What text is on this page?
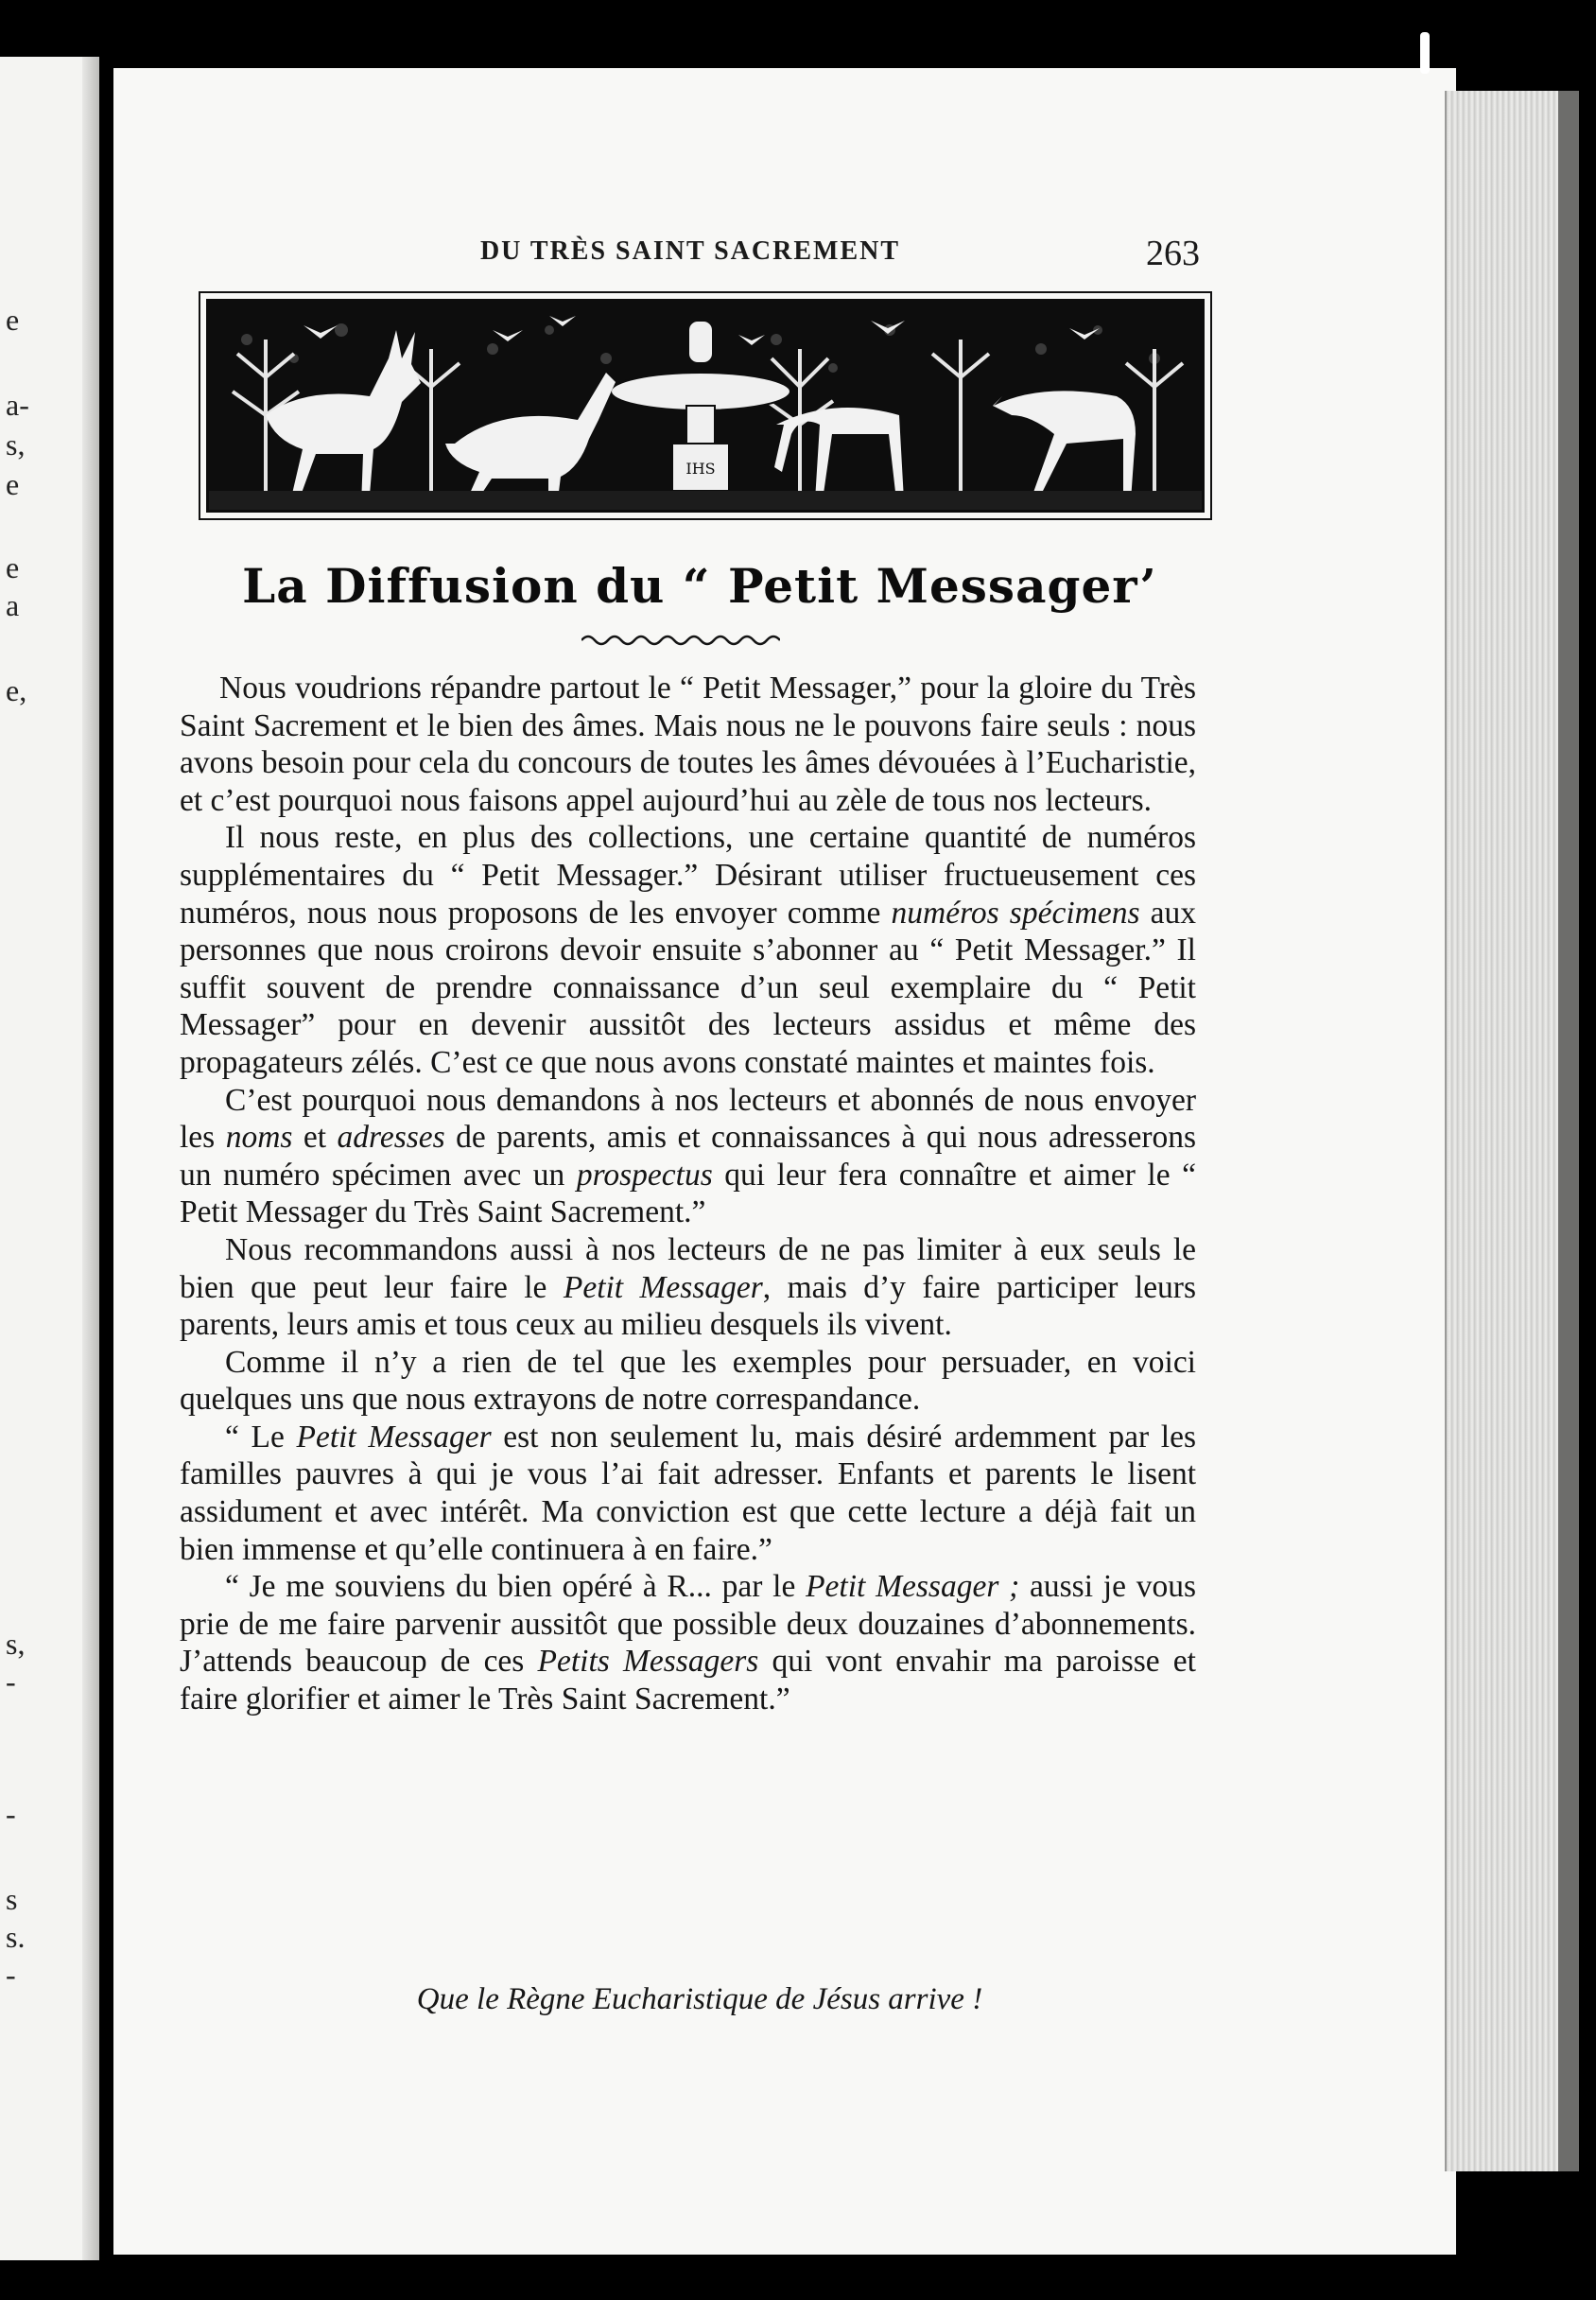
e
a-
s,
e
e
a
e,
s,
-
-
s
s.
-
DU TRÈS SAINT SACREMENT	263
IHS
La Diffusion du “ Petit Messager’

Nous voudrions répandre partout le “ Petit Messager,” pour la gloire du Très Saint Sacrement et le bien des âmes. Mais nous ne le pouvons faire seuls : nous avons besoin pour cela du concours de toutes les âmes dévouées à l’Eucharistie, et c’est pourquoi nous faisons appel aujourd’hui au zèle de tous nos lecteurs.

Il nous reste, en plus des collections, une certaine quantité de numéros supplémentaires du “ Petit Messager.” Désirant utiliser fructueusement ces numéros, nous nous proposons de les envoyer comme numéros spécimens aux personnes que nous croirons devoir ensuite s’abonner au “ Petit Messager.” Il suffit souvent de prendre connaissance d’un seul exemplaire du “ Petit Messager” pour en devenir aussitôt des lecteurs assidus et même des propagateurs zélés. C’est ce que nous avons constaté maintes et maintes fois.

C’est pourquoi nous demandons à nos lecteurs et abonnés de nous envoyer les noms et adresses de parents, amis et connaissances à qui nous adresserons un numéro spécimen avec un prospectus qui leur fera connaître et aimer le “ Petit Messager du Très Saint Sacrement.”

Nous recommandons aussi à nos lecteurs de ne pas limiter à eux seuls le bien que peut leur faire le Petit Messager, mais d’y faire participer leurs parents, leurs amis et tous ceux au milieu desquels ils vivent.

Comme il n’y a rien de tel que les exemples pour persuader, en voici quelques uns que nous extrayons de notre correspandance.

“ Le Petit Messager est non seulement lu, mais désiré ardemment par les familles pauvres à qui je vous l’ai fait adresser. Enfants et parents le lisent assidument et avec intérêt. Ma conviction est que cette lecture a déjà fait un bien immense et qu’elle continuera à en faire.”

“ Je me souviens du bien opéré à R... par le Petit Messager ; aussi je vous prie de me faire parvenir aussitôt que possible deux douzaines d’abonnements. J’attends beaucoup de ces Petits Messagers qui vont envahir ma paroisse et faire glorifier et aimer le Très Saint Sacrement.”

Que le Règne Eucharistique de Jésus arrive !
